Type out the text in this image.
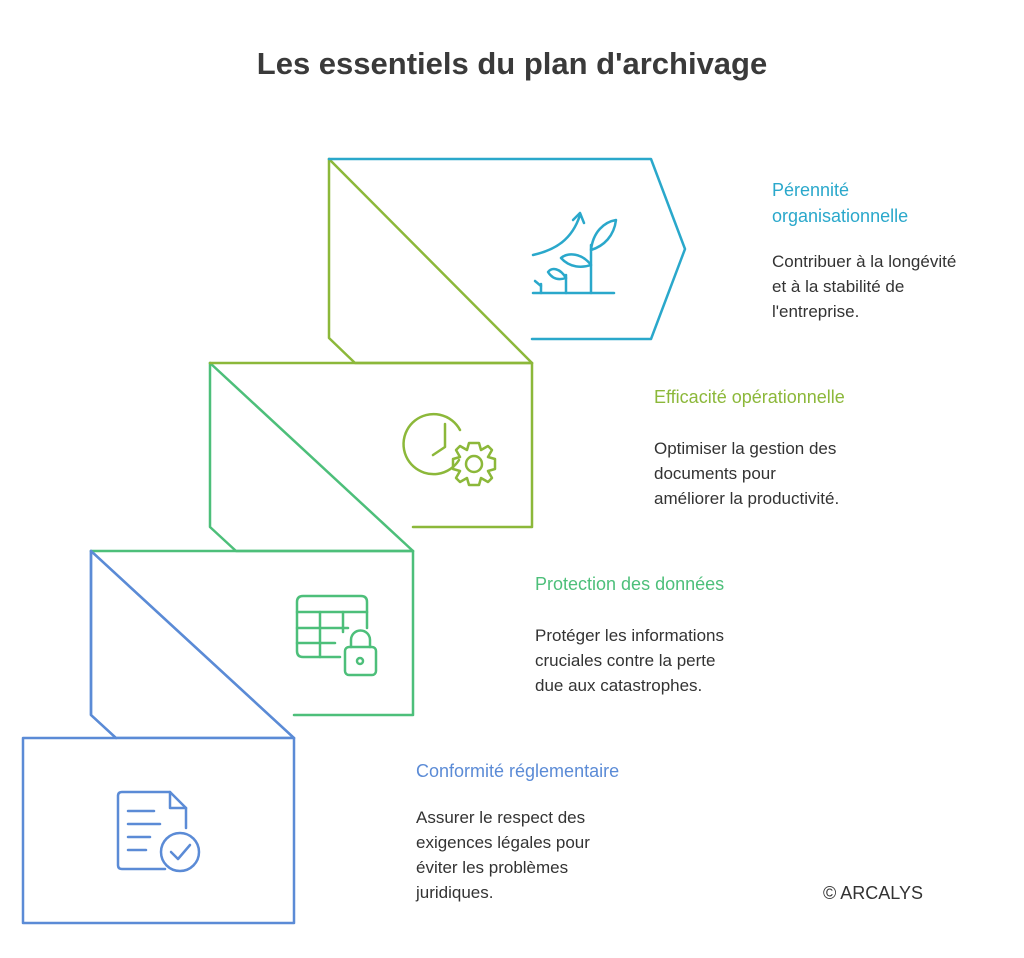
Les essentiels du plan d'archivage
Pérennité
organisationnelle
Contribuer à la longévité
et à la stabilité de
l'entreprise.
Efficacité opérationnelle
Optimiser la gestion des
documents pour
améliorer la productivité.
Protection des données
Protéger les informations
cruciales contre la perte
due aux catastrophes.
Conformité réglementaire
Assurer le respect des
exigences légales pour
éviter les problèmes
juridiques.	© ARCALYS
